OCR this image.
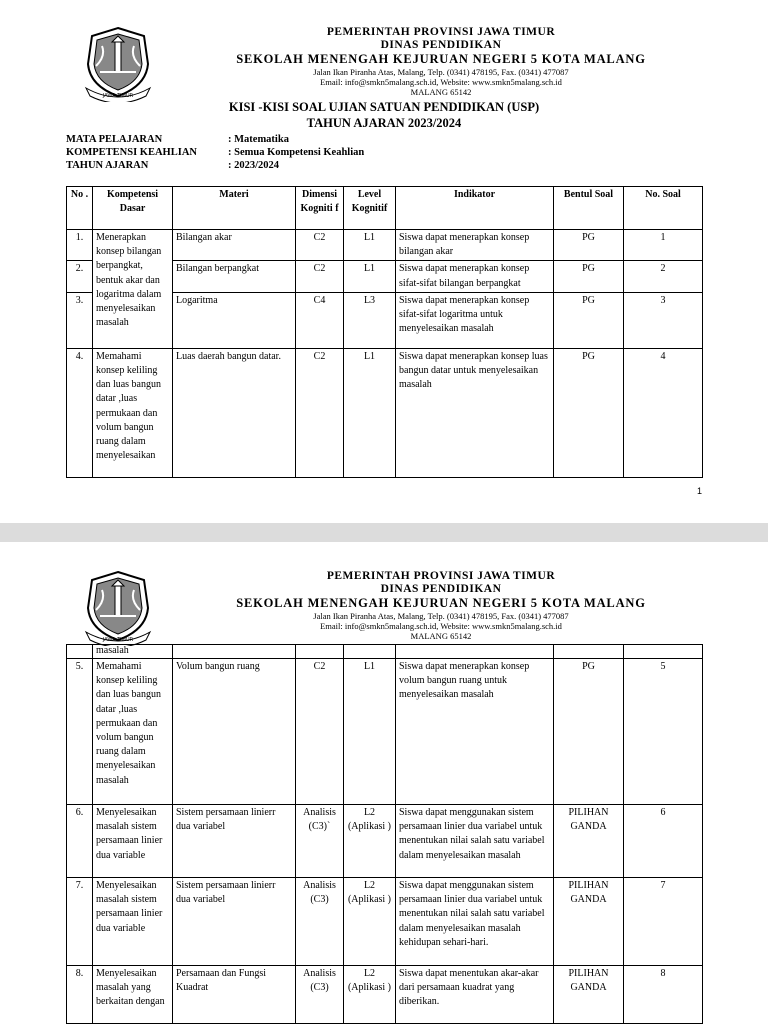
JAWA TIMUR
PEMERINTAH PROVINSI JAWA TIMUR
DINAS PENDIDIKAN
SEKOLAH MENENGAH KEJURUAN NEGERI 5 KOTA MALANG
Jalan Ikan Piranha Atas, Malang, Telp. (0341) 478195, Fax. (0341) 477087
Email: info@smkn5malang.sch.id, Website: www.smkn5malang.sch.id
MALANG 65142
KISI -KISI SOAL UJIAN SATUAN PENDIDIKAN (USP)
TAHUN AJARAN 2023/2024
MATA PELAJARAN	: Matematika
KOMPETENSI KEAHLIAN	: Semua Kompetensi Keahlian
TAHUN AJARAN	: 2023/2024
No .	Kompetensi Dasar	Materi	Dimensi Kogniti f	Level Kognitif	Indikator	Bentul Soal	No. Soal
1.	Menerapkan konsep bilangan berpangkat, bentuk akar dan logaritma dalam menyelesaikan masalah	Bilangan akar	C2	L1	Siswa dapat menerapkan konsep bilangan akar	PG	1
2.		Bilangan berpangkat	C2	L1	Siswa dapat menerapkan konsep sifat-sifat bilangan berpangkat	PG	2
3.		Logaritma	C4	L3	Siswa dapat menerapkan konsep sifat-sifat logaritma untuk menyelesaikan masalah	PG	3
4.	Memahami konsep keliling dan luas bangun datar ,luas permukaan dan volum bangun ruang dalam menyelesaikan	Luas daerah bangun datar.	C2	L1	Siswa dapat menerapkan konsep luas bangun datar untuk menyelesaikan masalah	PG	4
1
JAWA TIMUR
PEMERINTAH PROVINSI JAWA TIMUR
DINAS PENDIDIKAN
SEKOLAH MENENGAH KEJURUAN NEGERI 5 KOTA MALANG
Jalan Ikan Piranha Atas, Malang, Telp. (0341) 478195, Fax. (0341) 477087
Email: info@smkn5malang.sch.id, Website: www.smkn5malang.sch.id
MALANG 65142
	masalah						
5.	Memahami konsep keliling dan luas bangun datar ,luas permukaan dan volum bangun ruang dalam menyelesaikan masalah	Volum bangun ruang	C2	L1	Siswa dapat menerapkan konsep volum bangun ruang untuk menyelesaikan masalah	PG	5
6.	Menyelesaikan masalah sistem persamaan linier dua variable	Sistem persamaan linierr dua variabel	Analisis (C3)`	L2 (Aplikasi )	Siswa dapat menggunakan sistem persamaan linier dua variabel untuk menentukan nilai salah satu variabel dalam menyelesaikan masalah	PILIHAN GANDA	6
7.	Menyelesaikan masalah sistem persamaan linier dua variable	Sistem persamaan linierr dua variabel	Analisis (C3)	L2 (Aplikasi )	Siswa dapat menggunakan sistem persamaan linier dua variabel untuk menentukan nilai salah satu variabel dalam menyelesaikan masalah kehidupan sehari-hari.	PILIHAN GANDA	7
8.	Menyelesaikan masalah yang berkaitan dengan	Persamaan dan Fungsi Kuadrat	Analisis (C3)	L2 (Aplikasi )	Siswa dapat menentukan akar-akar dari persamaan kuadrat yang diberikan.	PILIHAN GANDA	8
